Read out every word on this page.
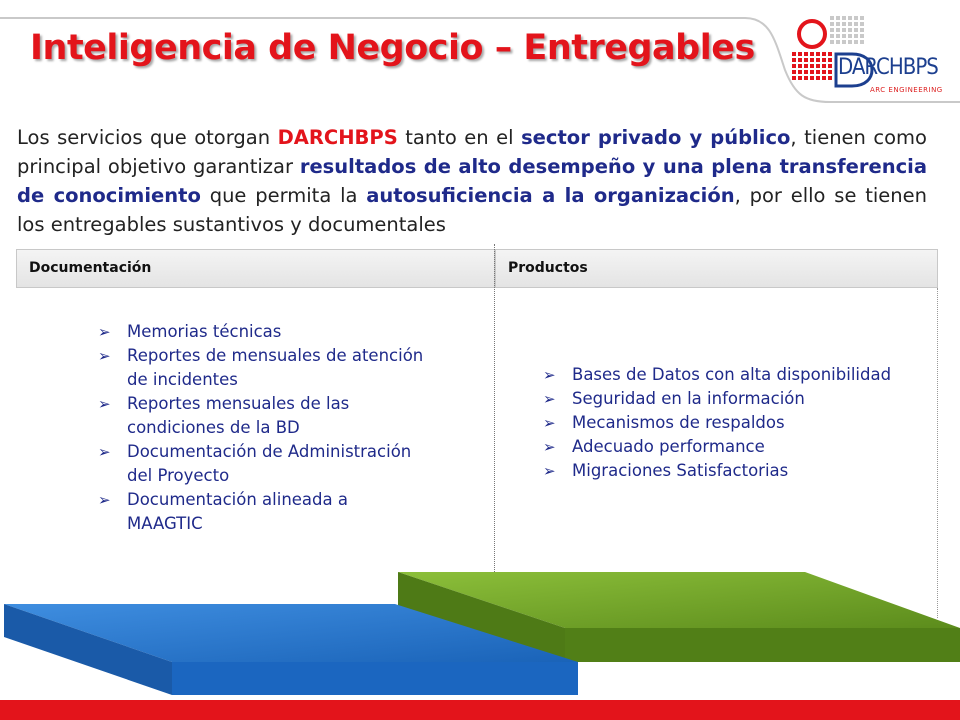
Inteligencia de Negocio – Entregables	DARCHBPS
ARC ENGINEERING
Los servicios que otorgan DARCHBPS tanto en el sector privado y público, tienen como principal objetivo garantizar resultados de alto desempeño y una plena transferencia de conocimiento que permita la autosuficiencia a la organización, por ello se tienen los entregables sustantivos y documentales
Documentación	Productos
➢ Memorias técnicas
➢ Reportes de mensuales de atención de incidentes
➢ Reportes mensuales de las condiciones de la BD
➢ Documentación de Administración del Proyecto
➢ Documentación alineada a MAAGTIC
➢ Bases de Datos con alta disponibilidad
➢ Seguridad en la información
➢ Mecanismos de respaldos
➢ Adecuado performance
➢ Migraciones Satisfactorias
